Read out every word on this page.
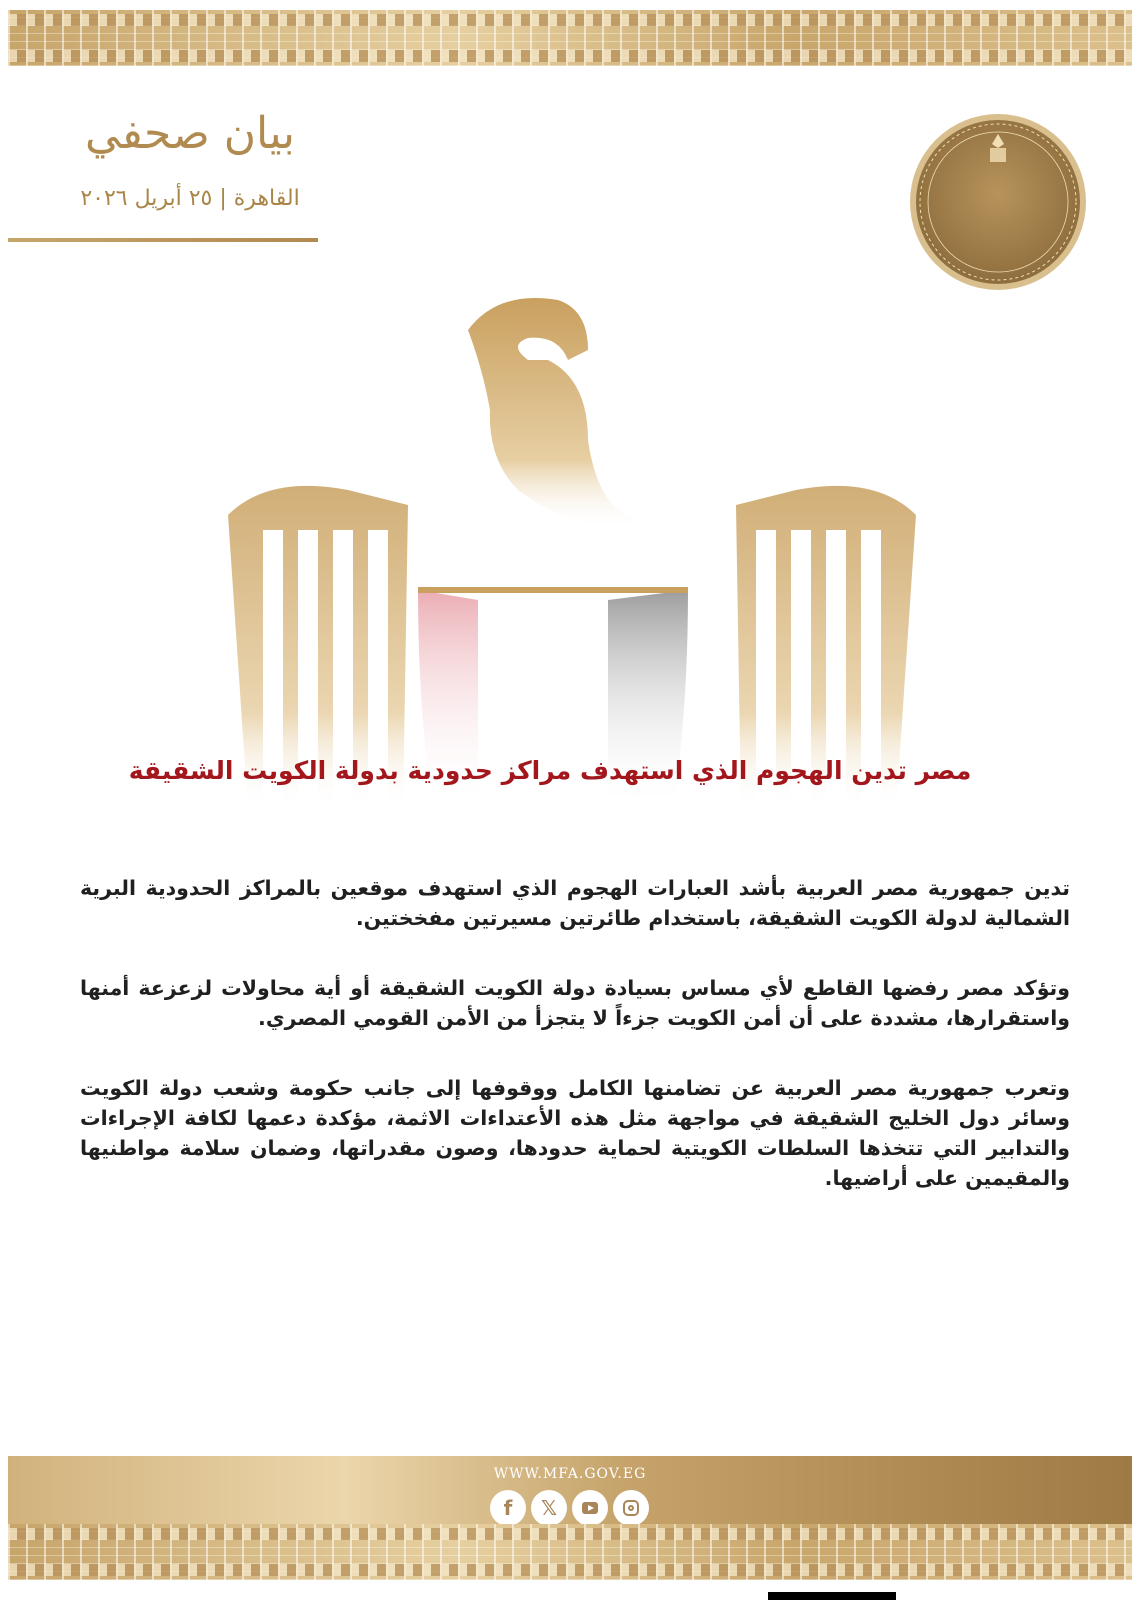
بيان صحفي
القاهرة | ٢٥ أبريل ٢٠٢٦
مصر تدين الهجوم الذي استهدف مراكز حدودية بدولة الكويت الشقيقة

تدين جمهورية مصر العربية بأشد العبارات الهجوم الذي استهدف موقعين بالمراكز الحدودية البرية الشمالية لدولة الكويت الشقيقة، باستخدام طائرتين مسيرتين مفخختين.

وتؤكد مصر رفضها القاطع لأي مساس بسيادة دولة الكويت الشقيقة أو أية محاولات لزعزعة أمنها واستقرارها، مشددة على أن أمن الكويت جزءاً لا يتجزأ من الأمن القومي المصري.

وتعرب جمهورية مصر العربية عن تضامنها الكامل ووقوفها إلى جانب حكومة وشعب دولة الكويت وسائر دول الخليج الشقيقة في مواجهة مثل هذه الأعتداءات الاثمة، مؤكدة دعمها لكافة الإجراءات والتدابير التي تتخذها السلطات الكويتية لحماية حدودها، وصون مقدراتها، وضمان سلامة مواطنيها والمقيمين على أراضيها.

WWW.MFA.GOV.EG
f	𝕏
